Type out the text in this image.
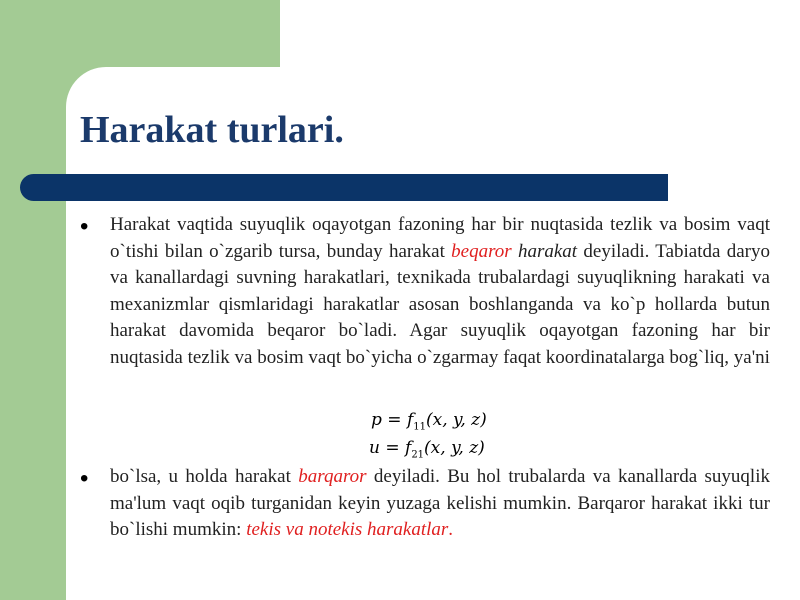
Harakat turlari.
• Harakat vaqtida suyuqlik oqayotgan fazoning har bir nuqtasida tezlik va bosim vaqt o`tishi bilan o`zgarib tursa, bunday harakat beqaror harakat deyiladi. Tabiatda daryo va kanallardagi suvning harakatlari, texnikada trubalardagi suyuqlikning harakati va mexanizmlar qismlaridagi harakatlar asosan boshlanganda va ko`p hollarda butun harakat davomida beqaror bo`ladi. Agar suyuqlik oqayotgan fazoning har bir nuqtasida tezlik va bosim vaqt bo`yicha o`zgarmay faqat koordinatalarga bog`liq, ya'ni
$p = f_{11}(x$, y, z)
$u = f_{21}(x$, y, z)
• bo`lsa, u holda harakat barqaror deyiladi. Bu hol trubalarda va kanallarda suyuqlik ma'lum vaqt oqib turganidan keyin yuzaga kelishi mumkin. Barqaror harakat ikki tur bo`lishi mumkin: tekis va notekis harakatlar.
